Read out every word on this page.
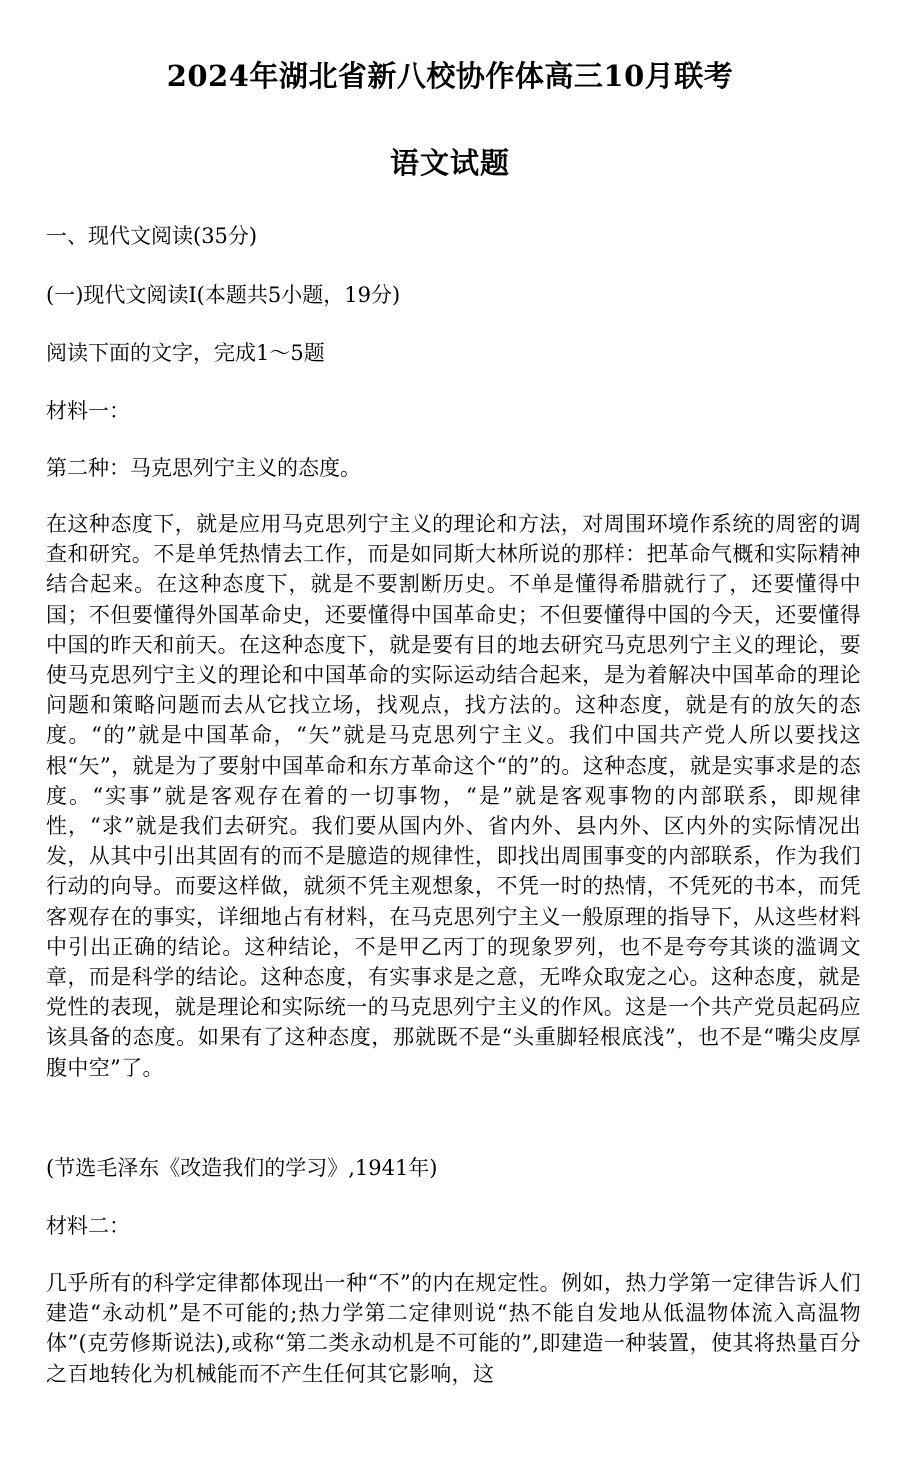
2024年湖北省新八校协作体高三10月联考
语文试题
一、现代文阅读(35分)
(一)现代文阅读I(本题共5小题，19分)
阅读下面的文字，完成1～5题
材料一：
第二种：马克思列宁主义的态度。
在这种态度下，就是应用马克思列宁主义的理论和方法，对周围环境作系统的周密的调查和研究。不是单凭热情去工作，而是如同斯大林所说的那样：把革命气概和实际精神结合起来。在这种态度下，就是不要割断历史。不单是懂得希腊就行了，还要懂得中国；不但要懂得外国革命史，还要懂得中国革命史；不但要懂得中国的今天，还要懂得中国的昨天和前天。在这种态度下，就是要有目的地去研究马克思列宁主义的理论，要使马克思列宁主义的理论和中国革命的实际运动结合起来，是为着解决中国革命的理论问题和策略问题而去从它找立场，找观点，找方法的。这种态度，就是有的放矢的态度。“的”就是中国革命，“矢”就是马克思列宁主义。我们中国共产党人所以要找这根“矢”，就是为了要射中国革命和东方革命这个“的”的。这种态度，就是实事求是的态度。“实事”就是客观存在着的一切事物，“是”就是客观事物的内部联系，即规律性，“求”就是我们去研究。我们要从国内外、省内外、县内外、区内外的实际情况出发，从其中引出其固有的而不是臆造的规律性，即找出周围事变的内部联系，作为我们行动的向导。而要这样做，就须不凭主观想象，不凭一时的热情，不凭死的书本，而凭客观存在的事实，详细地占有材料，在马克思列宁主义一般原理的指导下，从这些材料中引出正确的结论。这种结论，不是甲乙丙丁的现象罗列，也不是夸夸其谈的滥调文章，而是科学的结论。这种态度，有实事求是之意，无哗众取宠之心。这种态度，就是党性的表现，就是理论和实际统一的马克思列宁主义的作风。这是一个共产党员起码应该具备的态度。如果有了这种态度，那就既不是“头重脚轻根底浅”，也不是“嘴尖皮厚腹中空”了。
(节选毛泽东《改造我们的学习》,1941年)
材料二：
几乎所有的科学定律都体现出一种“不”的内在规定性。例如，热力学第一定律告诉人们建造“永动机”是不可能的;热力学第二定律则说“热不能自发地从低温物体流入高温物体”(克劳修斯说法),或称“第二类永动机是不可能的”,即建造一种装置，使其将热量百分之百地转化为机械能而不产生任何其它影响，这
